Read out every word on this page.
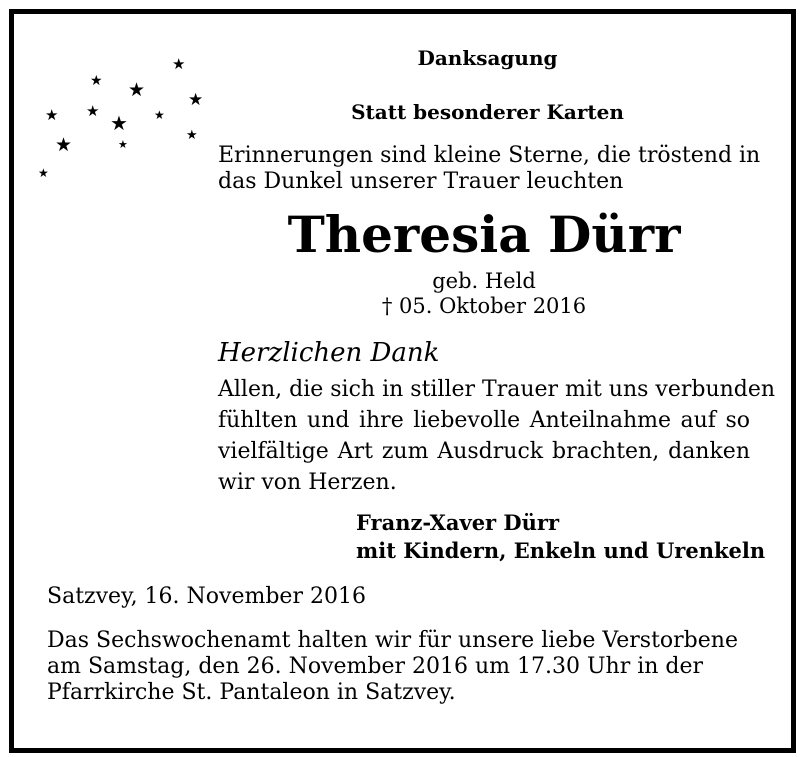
★
★ ★	★
★ ★ ★ ★
★
★	★
★
Danksagung
Statt besonderer Karten
Erinnerungen sind kleine Sterne, die tröstend in
das Dunkel unserer Trauer leuchten
Theresia Dürr
geb. Held
† 05. Oktober 2016
Herzlichen Dank
Allen, die sich in stiller Trauer mit uns verbunden
fühlten und ihre liebevolle Anteilnahme auf so
vielfältige Art zum Ausdruck brachten, danken
wir von Herzen.
Franz-Xaver Dürr
mit Kindern, Enkeln und Urenkeln
Satzvey, 16. November 2016
Das Sechswochenamt halten wir für unsere liebe Verstorbene
am Samstag, den 26. November 2016 um 17.30 Uhr in der
Pfarrkirche St. Pantaleon in Satzvey.
